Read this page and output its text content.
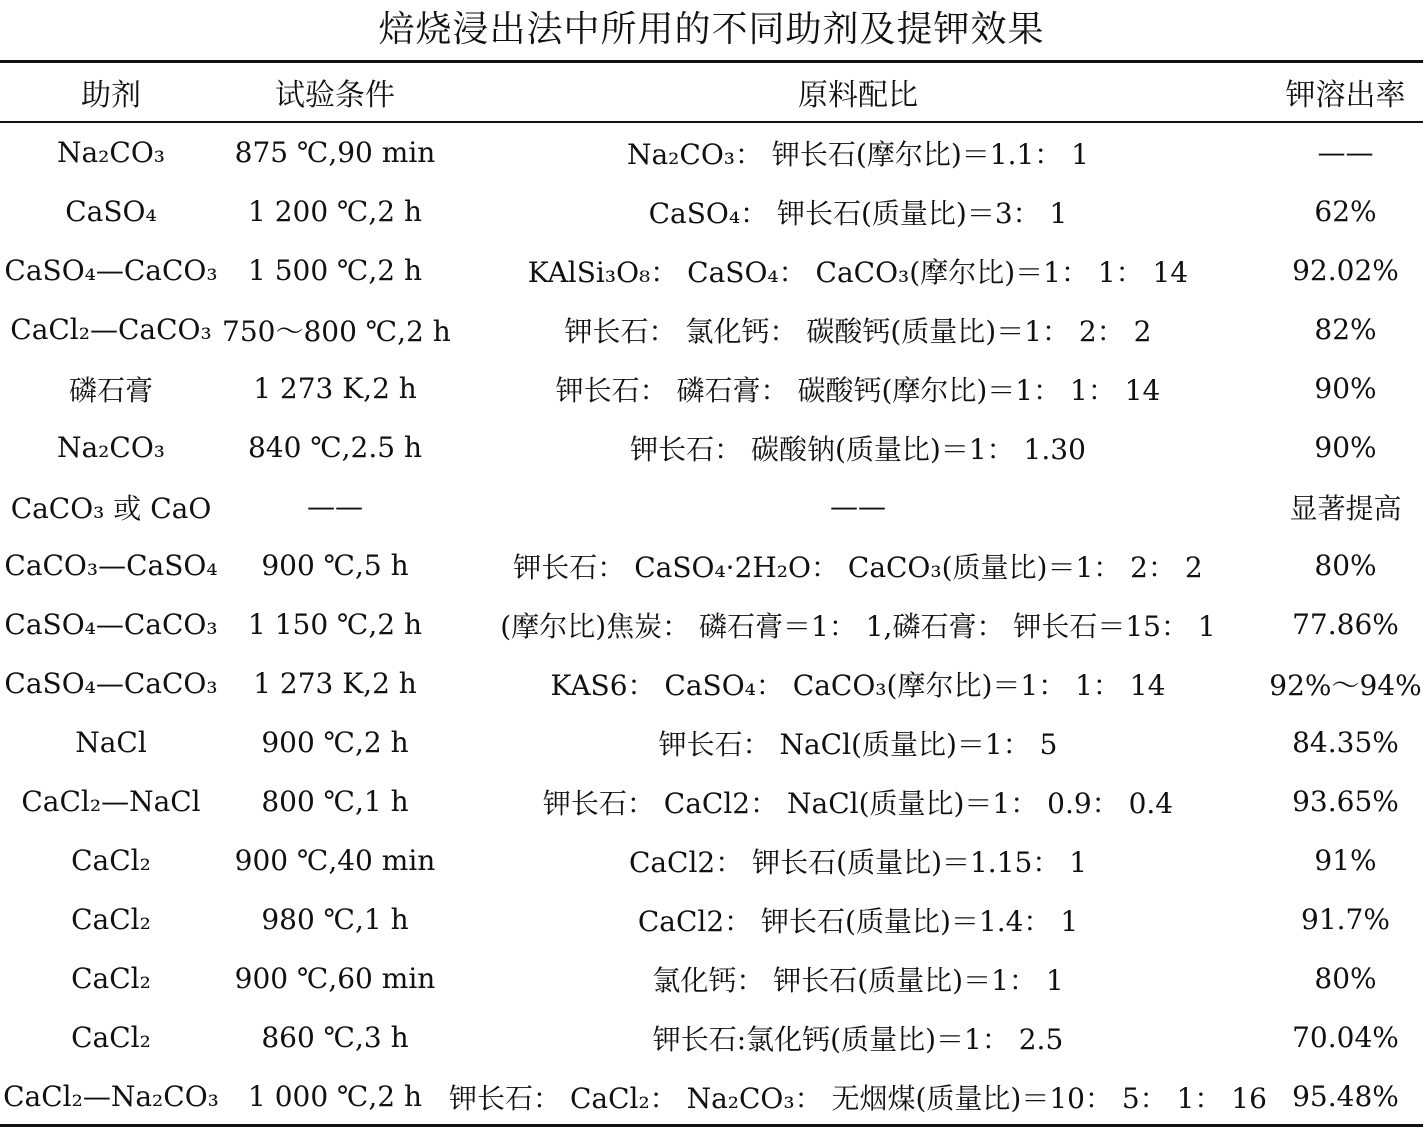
焙烧浸出法中所用的不同助剂及提钾效果
助剂	试验条件	原料配比	钾溶出率
Na₂CO₃	875 ℃,90 min	Na₂CO₃： 钾长石(摩尔比)＝1.1： 1	——
CaSO₄	1 200 ℃,2 h	CaSO₄： 钾长石(质量比)＝3： 1	62%
CaSO₄—CaCO₃	1 500 ℃,2 h	KAlSi₃O₈： CaSO₄： CaCO₃(摩尔比)＝1： 1： 14	92.02%
CaCl₂—CaCO₃	750～800 ℃,2 h	钾长石： 氯化钙： 碳酸钙(质量比)＝1： 2： 2	82%
磷石膏	1 273 K,2 h	钾长石： 磷石膏： 碳酸钙(摩尔比)＝1： 1： 14	90%
Na₂CO₃	840 ℃,2.5 h	钾长石： 碳酸钠(质量比)＝1： 1.30	90%
CaCO₃ 或 CaO	——	——	显著提高
CaCO₃—CaSO₄	900 ℃,5 h	钾长石： CaSO₄·2H₂O： CaCO₃(质量比)＝1： 2： 2	80%
CaSO₄—CaCO₃	1 150 ℃,2 h	(摩尔比)焦炭： 磷石膏＝1： 1,磷石膏： 钾长石＝15： 1	77.86%
CaSO₄—CaCO₃	1 273 K,2 h	KAS6： CaSO₄： CaCO₃(摩尔比)＝1： 1： 14	92%～94%
NaCl	900 ℃,2 h	钾长石： NaCl(质量比)＝1： 5	84.35%
CaCl₂—NaCl	800 ℃,1 h	钾长石： CaCl2： NaCl(质量比)＝1： 0.9： 0.4	93.65%
CaCl₂	900 ℃,40 min	CaCl2： 钾长石(质量比)＝1.15： 1	91%
CaCl₂	980 ℃,1 h	CaCl2： 钾长石(质量比)＝1.4： 1	91.7%
CaCl₂	900 ℃,60 min	氯化钙： 钾长石(质量比)＝1： 1	80%
CaCl₂	860 ℃,3 h	钾长石:氯化钙(质量比)＝1： 2.5	70.04%
CaCl₂—Na₂CO₃	1 000 ℃,2 h	钾长石： CaCl₂： Na₂CO₃： 无烟煤(质量比)＝10： 5： 1： 16	95.48%
